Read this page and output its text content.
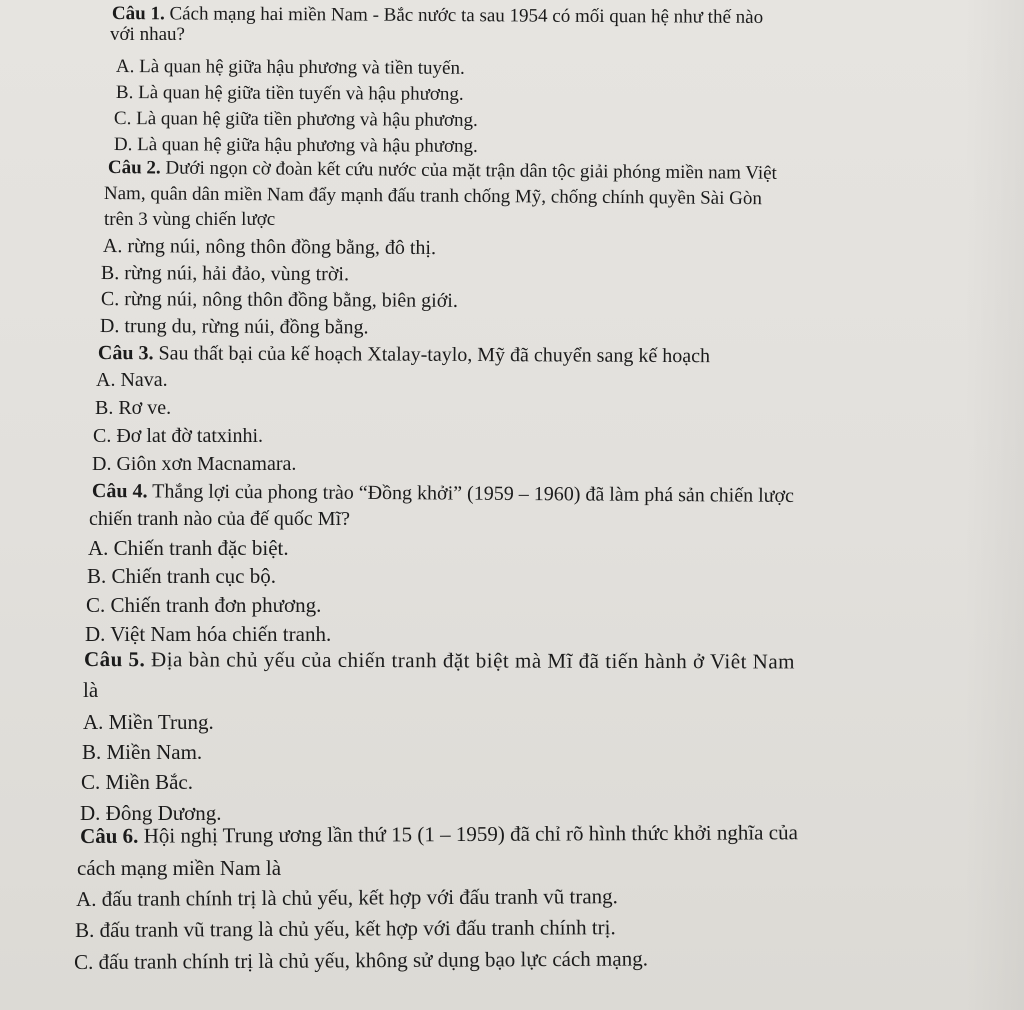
Câu 1. Cách mạng hai miền Nam - Bắc nước ta sau 1954 có mối quan hệ như thế nào
với nhau?
A. Là quan hệ giữa hậu phương và tiền tuyến.
B. Là quan hệ giữa tiền tuyến và hậu phương.
C. Là quan hệ giữa tiền phương và hậu phương.
D. Là quan hệ giữa hậu phương và hậu phương.
Câu 2. Dưới ngọn cờ đoàn kết cứu nước của mặt trận dân tộc giải phóng miền nam Việt
Nam, quân dân miền Nam đẩy mạnh đấu tranh chống Mỹ, chống chính quyền Sài Gòn
trên 3 vùng chiến lược
A. rừng núi, nông thôn đồng bằng, đô thị.
B. rừng núi, hải đảo, vùng trời.
C. rừng núi, nông thôn đồng bằng, biên giới.
D. trung du, rừng núi, đồng bằng.
Câu 3. Sau thất bại của kế hoạch Xtalay-taylo, Mỹ đã chuyển sang kế hoạch
A. Nava.
B. Rơ ve.
C. Đơ lat đờ tatxinhi.
D. Giôn xơn Macnamara.
Câu 4. Thắng lợi của phong trào “Đồng khởi” (1959 – 1960) đã làm phá sản chiến lược
chiến tranh nào của đế quốc Mĩ?
A. Chiến tranh đặc biệt.
B. Chiến tranh cục bộ.
C. Chiến tranh đơn phương.
D. Việt Nam hóa chiến tranh.
Câu 5. Địa bàn chủ yếu của chiến tranh đặt biệt mà Mĩ đã tiến hành ở Viêt Nam
là
A. Miền Trung.
B. Miền Nam.
C. Miền Bắc.
D. Đông Dương.
Câu 6. Hội nghị Trung ương lần thứ 15 (1 – 1959) đã chỉ rõ hình thức khởi nghĩa của
cách mạng miền Nam là
A. đấu tranh chính trị là chủ yếu, kết hợp với đấu tranh vũ trang.
B. đấu tranh vũ trang là chủ yếu, kết hợp với đấu tranh chính trị.
C. đấu tranh chính trị là chủ yếu, không sử dụng bạo lực cách mạng.
